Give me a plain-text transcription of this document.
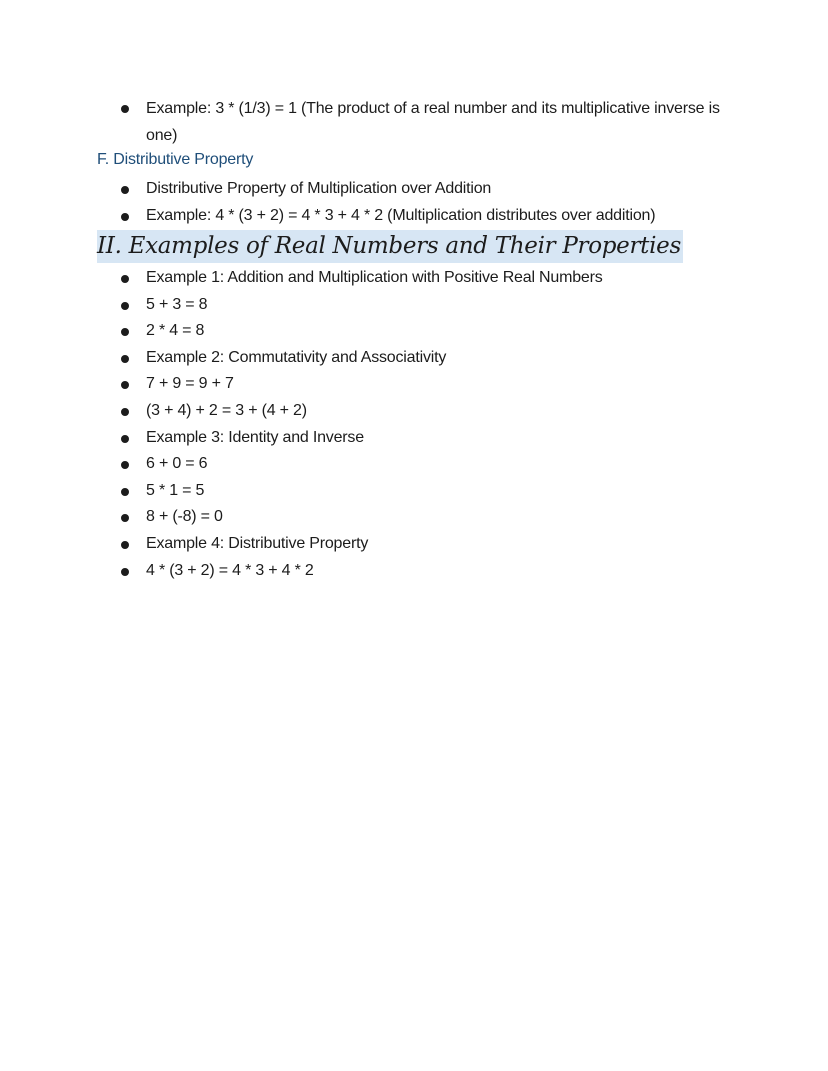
Example: 3 * (1/3) = 1 (The product of a real number and its multiplicative inverse is one)
F. Distributive Property
Distributive Property of Multiplication over Addition
Example: 4 * (3 + 2) = 4 * 3 + 4 * 2 (Multiplication distributes over addition)
II. Examples of Real Numbers and Their Properties
Example 1: Addition and Multiplication with Positive Real Numbers
5 + 3 = 8
2 * 4 = 8
Example 2: Commutativity and Associativity
7 + 9 = 9 + 7
(3 + 4) + 2 = 3 + (4 + 2)
Example 3: Identity and Inverse
6 + 0 = 6
5 * 1 = 5
8 + (-8) = 0
Example 4: Distributive Property
4 * (3 + 2) = 4 * 3 + 4 * 2
